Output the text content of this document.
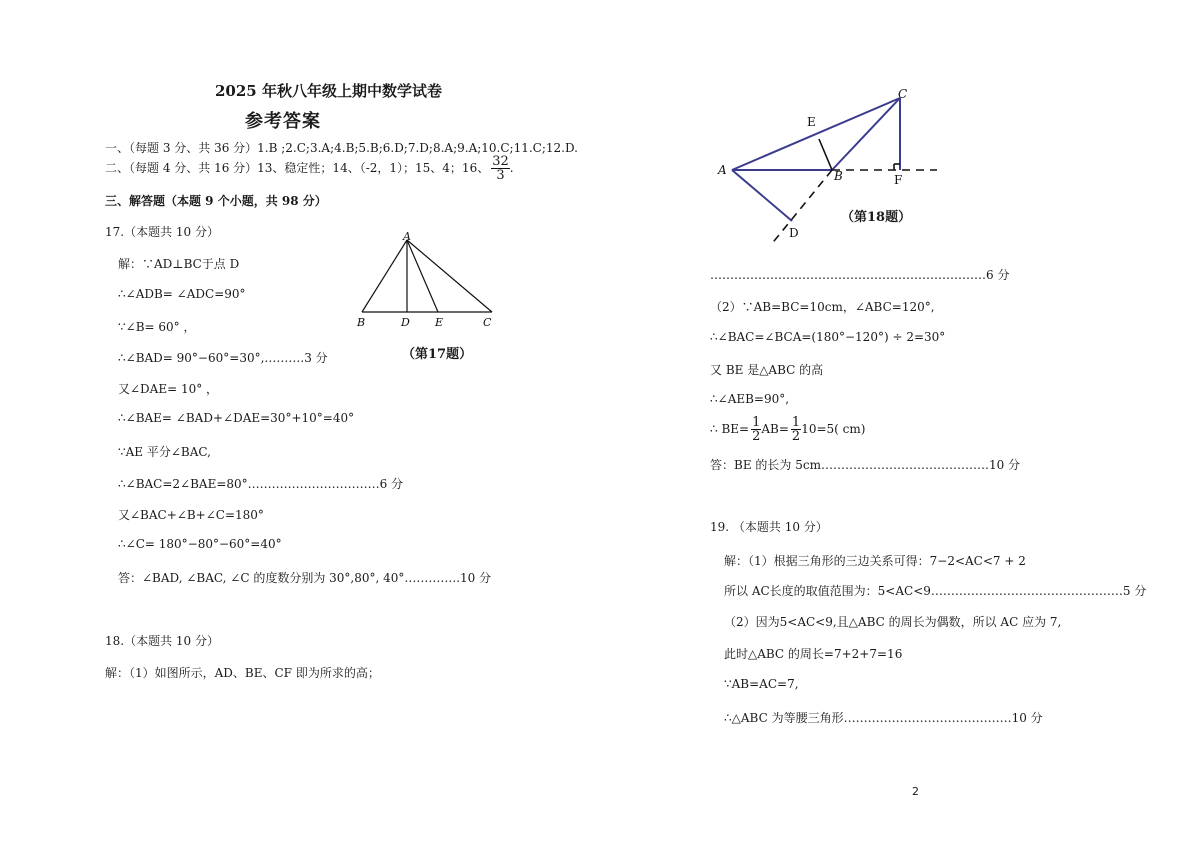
2025 年秋八年级上期中数学试卷
参考答案
一、（每题 3 分、共 36 分）1.B ;2.C;3.A;4.B;5.B;6.D;7.D;8.A;9.A;10.C;11.C;12.D.
二、（每题 4 分、共 16 分）13、稳定性；14、（-2，1）；15、4；16、 $\frac{32}{3}$ .
三、解答题（本题 9 个小题，共 98 分）
17.（本题共 10 分）
解：∵AD⊥BC于点 D
∴∠ADB= ∠ADC=90°
∵∠B= 60° ，
∴∠BAD= 90°−60°=30°,……….3 分
又∠DAE= 10° ，
∴∠BAE= ∠BAD+∠DAE=30°+10°=40°
∵AE 平分∠BAC,
∴∠BAC=2∠BAE=80°……………………………6 分
又∠BAC+∠B+∠C=180°
∴∠C= 180°−80°−60°=40°
答：∠BAD, ∠BAC, ∠C 的度数分别为 30°,80°, 40°…………..10 分
A
B	D E	C
（第17题）
18.（本题共 10 分）
解：（1）如图所示，AD、BE、CF 即为所求的高；
A	B
C
D
E
F
（第18题）
……………………………………………………………6 分
（2）∵AB=BC=10cm，∠ABC=120°,
∴∠BAC=∠BCA=(180°−120°) ÷ 2=30°
又 BE 是△ABC 的高
∴∠AEB=90°,
∴ $BE= \frac{1}{2} AB= \frac{1}{2} 10=5$( cm)
答：BE 的长为 5cm……………………………………10 分
19. （本题共 10 分）
解：（1）根据三角形的三边关系可得：7−2<AC<7 + 2
所以 AC长度的取值范围为：5<AC<9…………………………………………5 分
（2）因为5<AC<9,且△ABC 的周长为偶数，所以 AC 应为 7,
此时△ABC 的周长=7+2+7=16
∵AB=AC=7,
∴△ABC 为等腰三角形……………………………………10 分
2
